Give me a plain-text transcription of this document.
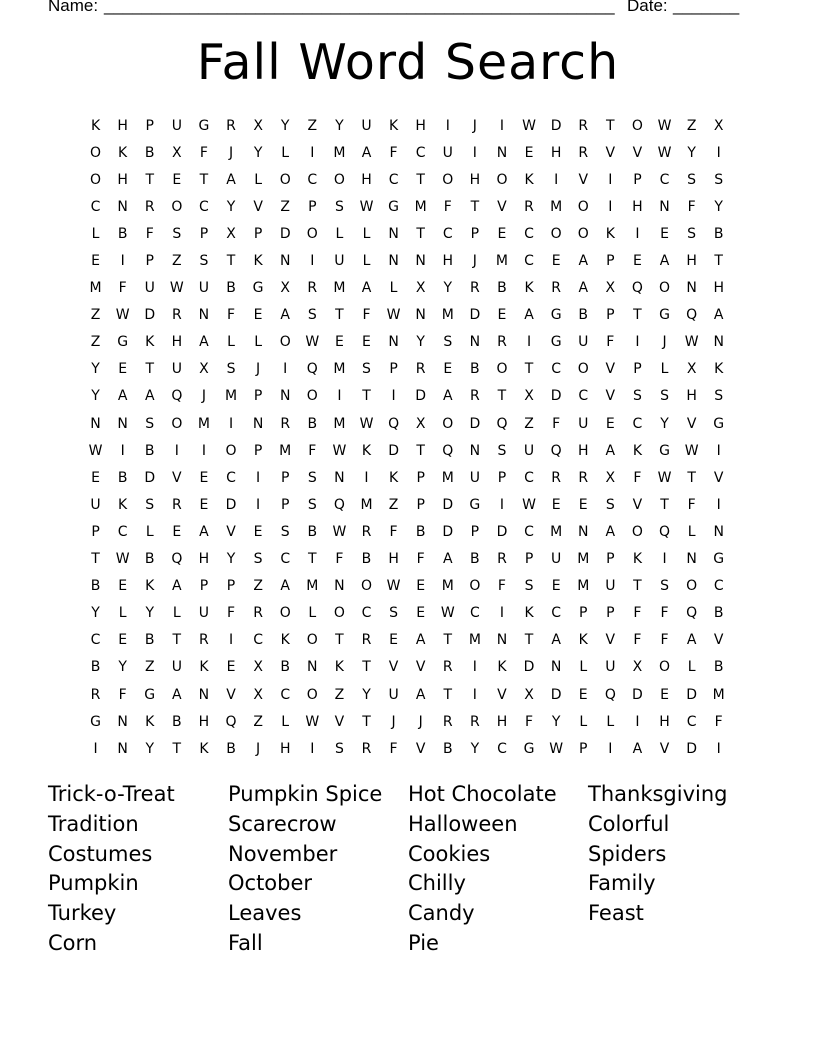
Name: ______________________________________________________ Date: _______
Fall Word Search
K	H	P	U	G	R	X	Y	Z	Y	U	K	H	I	J	I	W	D	R	T	O	W	Z	X
O	K	B	X	F	J	Y	L	I	M	A	F	C	U	I	N	E	H	R	V	V	W	Y	I
O	H	T	E	T	A	L	O	C	O	H	C	T	O	H	O	K	I	V	I	P	C	S	S
C	N	R	O	C	Y	V	Z	P	S	W	G	M	F	T	V	R	M	O	I	H	N	F	Y
L	B	F	S	P	X	P	D	O	L	L	N	T	C	P	E	C	O	O	K	I	E	S	B
E	I	P	Z	S	T	K	N	I	U	L	N	N	H	J	M	C	E	A	P	E	A	H	T
M	F	U	W	U	B	G	X	R	M	A	L	X	Y	R	B	K	R	A	X	Q	O	N	H
Z	W	D	R	N	F	E	A	S	T	F	W	N	M	D	E	A	G	B	P	T	G	Q	A
Z	G	K	H	A	L	L	O	W	E	E	N	Y	S	N	R	I	G	U	F	I	J	W	N
Y	E	T	U	X	S	J	I	Q	M	S	P	R	E	B	O	T	C	O	V	P	L	X	K
Y	A	A	Q	J	M	P	N	O	I	T	I	D	A	R	T	X	D	C	V	S	S	H	S
N	N	S	O	M	I	N	R	B	M	W	Q	X	O	D	Q	Z	F	U	E	C	Y	V	G
W	I	B	I	I	O	P	M	F	W	K	D	T	Q	N	S	U	Q	H	A	K	G	W	I
E	B	D	V	E	C	I	P	S	N	I	K	P	M	U	P	C	R	R	X	F	W	T	V
U	K	S	R	E	D	I	P	S	Q	M	Z	P	D	G	I	W	E	E	S	V	T	F	I
P	C	L	E	A	V	E	S	B	W	R	F	B	D	P	D	C	M	N	A	O	Q	L	N
T	W	B	Q	H	Y	S	C	T	F	B	H	F	A	B	R	P	U	M	P	K	I	N	G
B	E	K	A	P	P	Z	A	M	N	O	W	E	M	O	F	S	E	M	U	T	S	O	C
Y	L	Y	L	U	F	R	O	L	O	C	S	E	W	C	I	K	C	P	P	F	F	Q	B
C	E	B	T	R	I	C	K	O	T	R	E	A	T	M	N	T	A	K	V	F	F	A	V
B	Y	Z	U	K	E	X	B	N	K	T	V	V	R	I	K	D	N	L	U	X	O	L	B
R	F	G	A	N	V	X	C	O	Z	Y	U	A	T	I	V	X	D	E	Q	D	E	D	M
G	N	K	B	H	Q	Z	L	W	V	T	J	J	R	R	H	F	Y	L	L	I	H	C	F
I	N	Y	T	K	B	J	H	I	S	R	F	V	B	Y	C	G	W	P	I	A	V	D	I
Trick-o-Treat
Tradition
Costumes
Pumpkin
Turkey
Corn
Pumpkin Spice
Scarecrow
November
October
Leaves
Fall
Hot Chocolate
Halloween
Cookies
Chilly
Candy
Pie
Thanksgiving
Colorful
Spiders
Family
Feast
